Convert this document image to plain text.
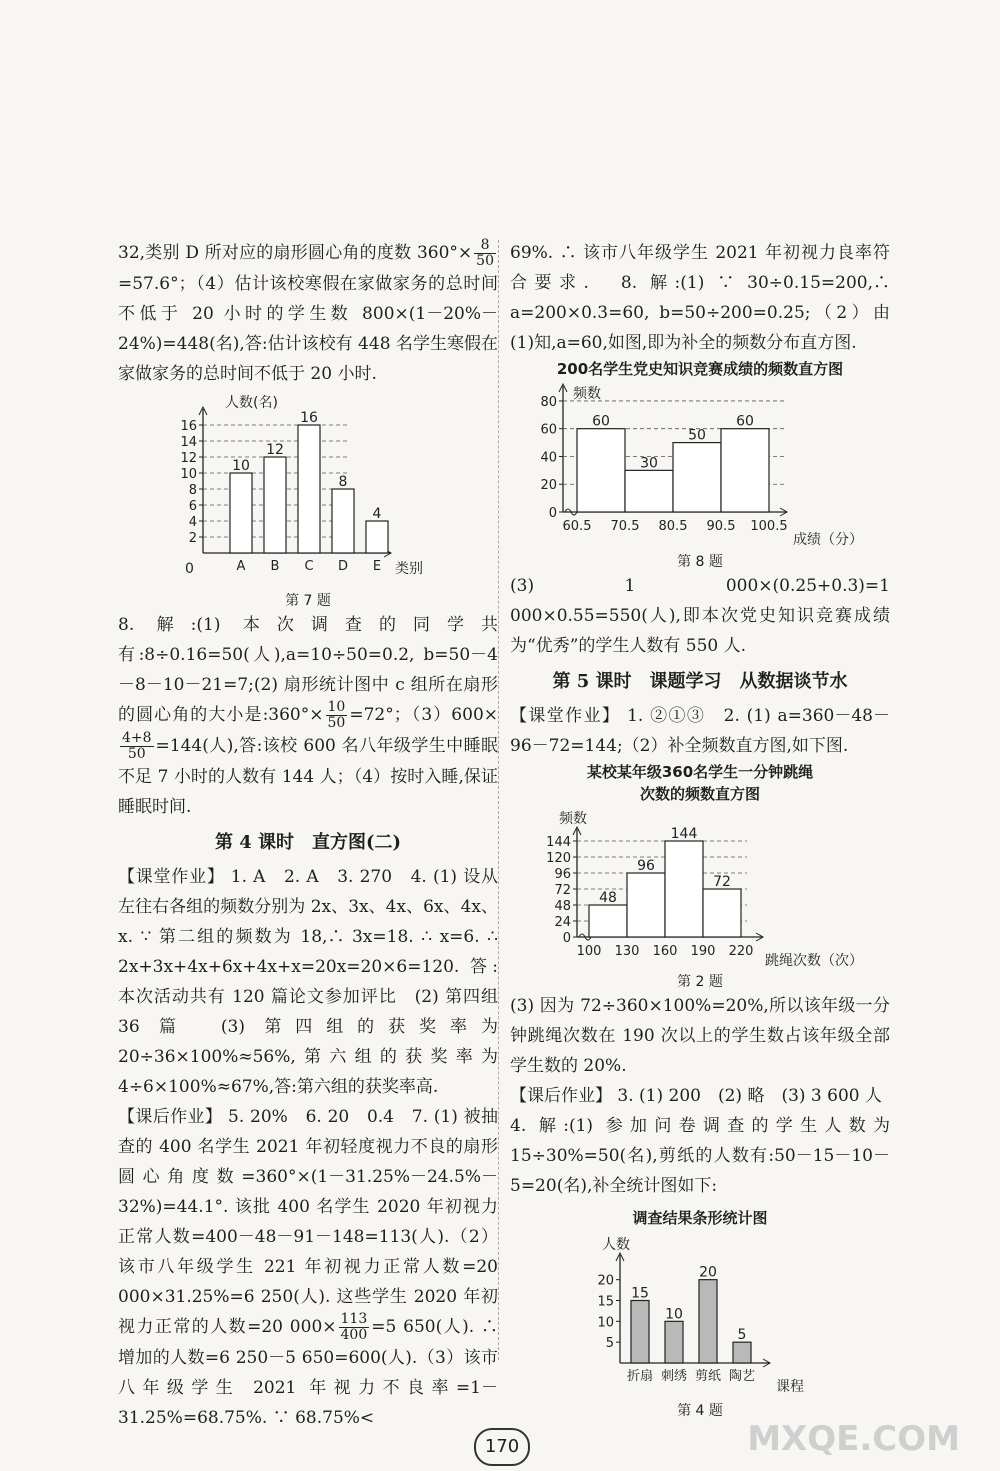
32,类别 D 所对应的扇形圆心角的度数 $360^\circ\times \frac{8}{50}$
=57.6°；（4）估计该校寒假在家做家务的总时间不低于 20 小时的学生数 800×(1－20%－24%)=448(名),答:估计该校有 448 名学生寒假在家做家务的总时间不低于 20 小时.

人数(名)
类别
0
2
4
6
8
10
12
14
16
10
A
12
B
16
C
8
D
4
E
第 7 题

8. 解:(1) 本次调查的同学共有:8÷0.16=50(人),a=10÷50=0.2, b=50－4－8－10－21=7;(2) 扇形统计图中 c 组所在扇形的圆心角的大小是:360°× $\frac{10}{50} =72^\circ$；（3）600×
$\frac{4+8}{50} =144$(人),答:该校 600 名八年级学生中睡眠不足 7 小时的人数有 144 人；（4）按时入睡,保证睡眠时间.

第 4 课时　直方图(二)

【课堂作业】 1. A　2. A　3. 270　4. (1) 设从左往右各组的频数分别为 2x、3x、4x、6x、4x、x. ∵ 第二组的频数为 18,∴ 3x=18. ∴ x=6. ∴ 2x+3x+4x+6x+4x+x=20x=20×6=120. 答:本次活动共有 120 篇论文参加评比　(2) 第四组　36 篇　(3) 第四组的获奖率为 20÷36×100%≈56%,第六组的获奖率为 4÷6×100%≈67%,答:第六组的获奖率高.

【课后作业】 5. 20%　6. 20　0.4　7. (1) 被抽查的 400 名学生 2021 年初轻度视力不良的扇形圆心角度数=360°×(1－31.25%－24.5%－32%)=44.1°. 该批 400 名学生 2020 年初视力正常人数=400－48－91－148=113(人).（2）该市八年级学生 221 年初视力正常人数=20 000×31.25%=6 250(人). 这些学生 2020 年初视力正常的人数=20 $000\times \frac{113}{400} =5$ 650(人). ∴ 增加的人数=6 250－5 650=600(人).（3）该市八年级学生 2021 年视力不良率=1－31.25%=68.75%. ∵ 68.75%<

69%. ∴ 该市八年级学生 2021 年初视力良率符合要求.　8. 解:(1) ∵ 30÷0.15=200,∴ a=200×0.3=60, b=50÷200=0.25;（2）由(1)知,a=60,如图,即为补全的频数分布直方图.

200名学生党史知识竞赛成绩的频数直方图
频数
成绩（分）
0
20
40
60
80
60
30
50
60
60.5 70.5 80.5 90.5 100.5
第 8 题

(3) 1 000×(0.25+0.3)=1 000×0.55=550(人),即本次党史知识竞赛成绩为“优秀”的学生人数有 550 人.

第 5 课时　课题学习　从数据谈节水

【课堂作业】 1. ②①③　2. (1) a=360－48－96－72=144;（2）补全频数直方图,如下图.

某校某年级360名学生一分钟跳绳
次数的频数直方图
频数
跳绳次数（次）
0
24
48
72
96
120
144
48
96
144
72
100 130 160 190 220
第 2 题

(3) 因为 72÷360×100%=20%,所以该年级一分钟跳绳次数在 190 次以上的学生数占该年级全部学生数的 20%.

【课后作业】 3. (1) 200　(2) 略　(3) 3 600 人

4. 解:(1) 参加问卷调查的学生人数为 15÷30%=50(名),剪纸的人数有:50－15－10－5=20(名),补全统计图如下:

调查结果条形统计图
人数
课程
5
10
15
20
15
折扇
10
刺绣
20
剪纸
5
陶艺
第 4 题
170	MXQE.COM
